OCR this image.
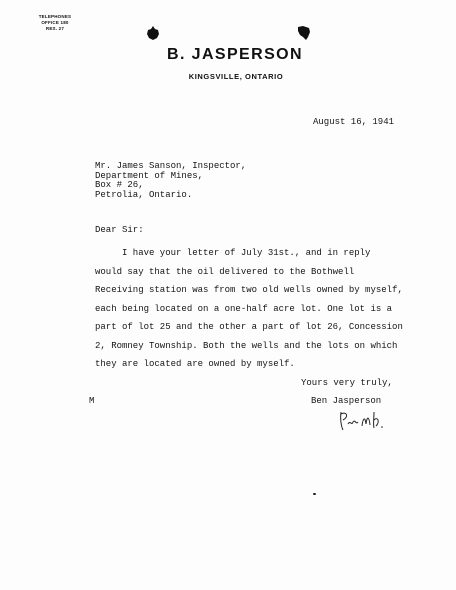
TELEPHONES
OFFICE 180
RES. 27
B. JASPERSON
KINGSVILLE, ONTARIO
August 16, 1941
Mr. James Sanson, Inspector,
Department of Mines,
Box # 26,
Petrolia, Ontario.
Dear Sir:
I have your letter of July 31st., and in reply
would say that the oil delivered to the Bothwell
Receiving station was from two old wells owned by myself,
each being located on a one-half acre lot. One lot is a
part of lot 25 and the other a part of lot 26, Concession
2, Romney Township. Both the wells and the lots on which
they are located are owned by myself.
Yours very truly,
Ben Jasperson
M
